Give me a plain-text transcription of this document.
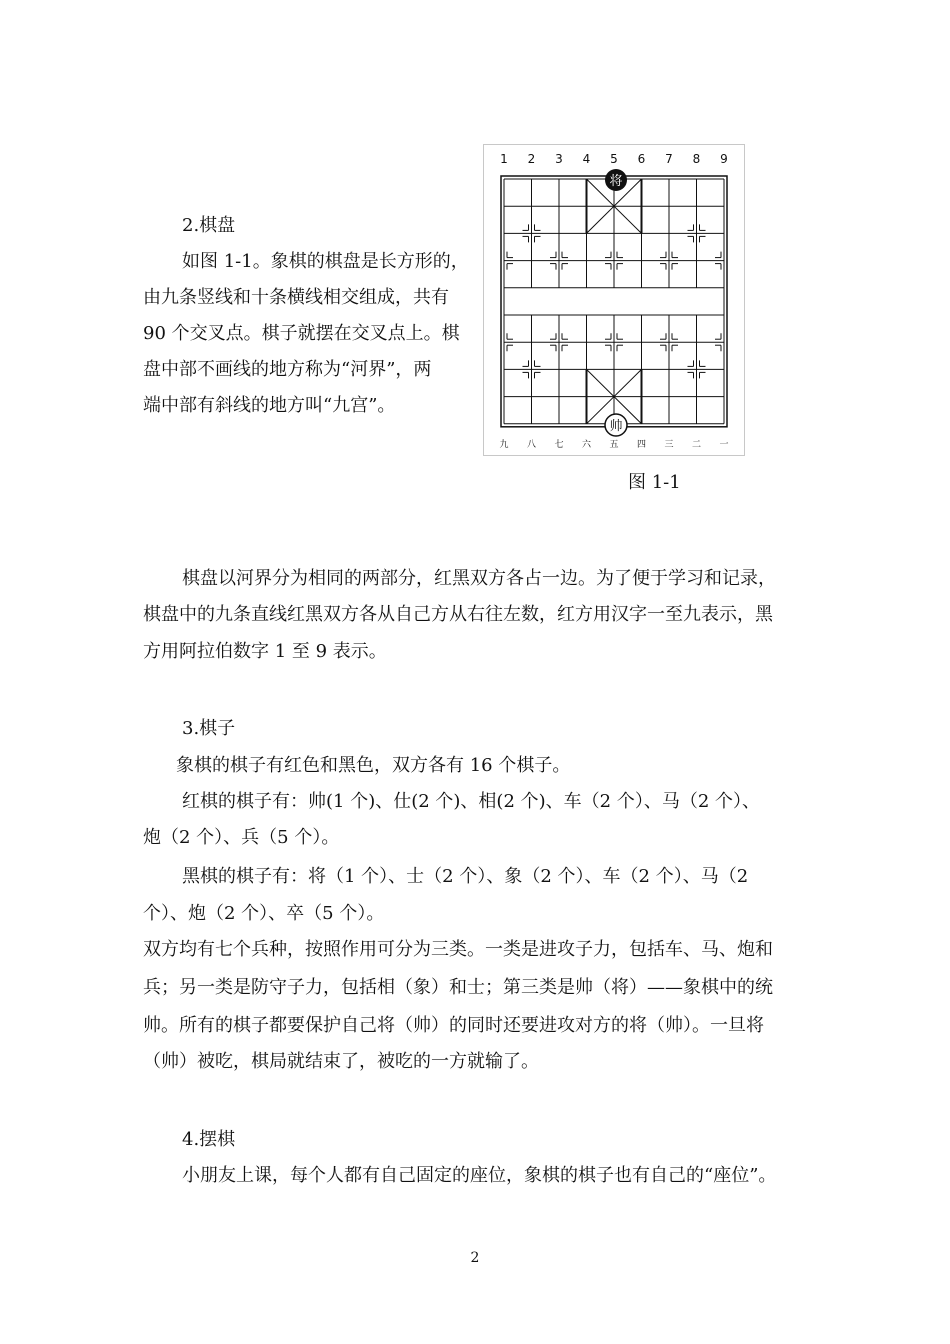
2.棋盘

如图 1-1。象棋的棋盘是长方形的，

由九条竖线和十条横线相交组成，共有

90 个交叉点。棋子就摆在交叉点上。棋

盘中部不画线的地方称为“河界”，两

端中部有斜线的地方叫“九宫”。

1 2 3 4 5 6 7 8 9
九 八 七 六 五 四 三 二 一
将
帅
图 1-1

棋盘以河界分为相同的两部分，红黑双方各占一边。为了便于学习和记录，

棋盘中的九条直线红黑双方各从自己方从右往左数，红方用汉字一至九表示，黑

方用阿拉伯数字 1 至 9 表示。

3.棋子

象棋的棋子有红色和黑色，双方各有 16 个棋子。

红棋的棋子有：帅(1 个)、仕(2 个)、相(2 个)、车（2 个）、马（2 个）、

炮（2 个）、兵（5 个）。

黑棋的棋子有：将（1 个）、士（2 个）、象（2 个）、车（2 个）、马（2

个）、炮（2 个）、卒（5 个）。

双方均有七个兵种，按照作用可分为三类。一类是进攻子力，包括车、马、炮和

兵；另一类是防守子力，包括相（象）和士；第三类是帅（将）——象棋中的统

帅。所有的棋子都要保护自己将（帅）的同时还要进攻对方的将（帅）。一旦将

（帅）被吃，棋局就结束了，被吃的一方就输了。

4.摆棋

小朋友上课，每个人都有自己固定的座位，象棋的棋子也有自己的“座位”。

2
